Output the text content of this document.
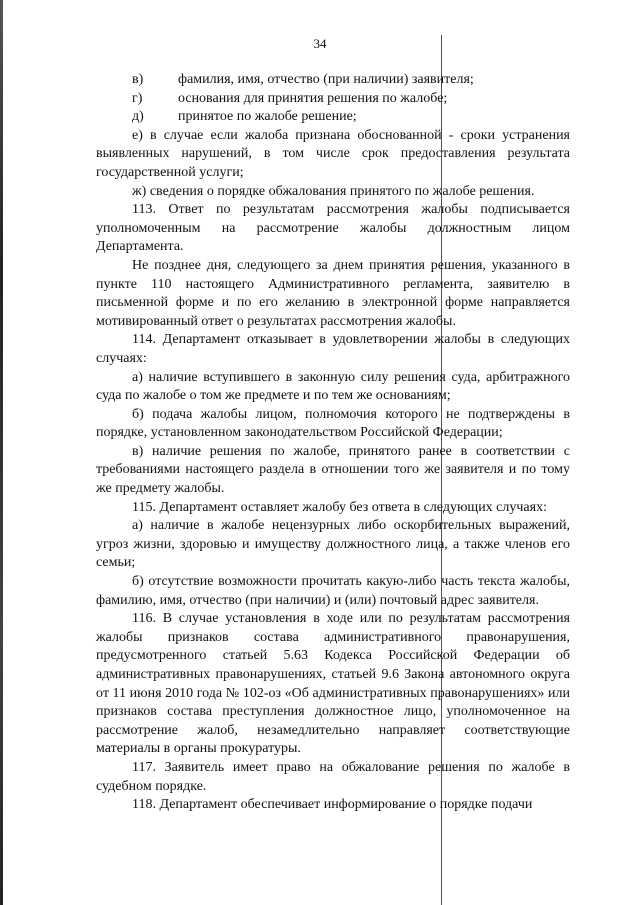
34
в)	фамилия, имя, отчество (при наличии) заявителя;
г)	основания для принятия решения по жалобе;
д)	принятое по жалобе решение;

е) в случае если жалоба признана обоснованной - сроки устранения выявленных нарушений, в том числе срок предоставления результата государственной услуги;

ж) сведения о порядке обжалования принятого по жалобе решения.

113. Ответ по результатам рассмотрения жалобы подписывается уполномоченным на рассмотрение жалобы должностным лицом Департамента.

Не позднее дня, следующего за днем принятия решения, указанного в пункте 110 настоящего Административного регламента, заявителю в письменной форме и по его желанию в электронной форме направляется мотивированный ответ о результатах рассмотрения жалобы.

114. Департамент отказывает в удовлетворении жалобы в следующих случаях:

а) наличие вступившего в законную силу решения суда, арбитражного суда по жалобе о том же предмете и по тем же основаниям;

б) подача жалобы лицом, полномочия которого не подтверждены в порядке, установленном законодательством Российской Федерации;

в) наличие решения по жалобе, принятого ранее в соответствии с требованиями настоящего раздела в отношении того же заявителя и по тому же предмету жалобы.

115. Департамент оставляет жалобу без ответа в следующих случаях:

а) наличие в жалобе нецензурных либо оскорбительных выражений, угроз жизни, здоровью и имуществу должностного лица, а также членов его семьи;

б) отсутствие возможности прочитать какую-либо часть текста жалобы, фамилию, имя, отчество (при наличии) и (или) почтовый адрес заявителя.

116. В случае установления в ходе или по результатам рассмотрения жалобы признаков состава административного правонарушения, предусмотренного статьей 5.63 Кодекса Российской Федерации об административных правонарушениях, статьей 9.6 Закона автономного округа от 11 июня 2010 года № 102-оз «Об административных правонарушениях» или признаков состава преступления должностное лицо, уполномоченное на рассмотрение жалоб, незамедлительно направляет соответствующие материалы в органы прокуратуры.

117. Заявитель имеет право на обжалование решения по жалобе в судебном порядке.

118. Департамент обеспечивает информирование о порядке подачи
